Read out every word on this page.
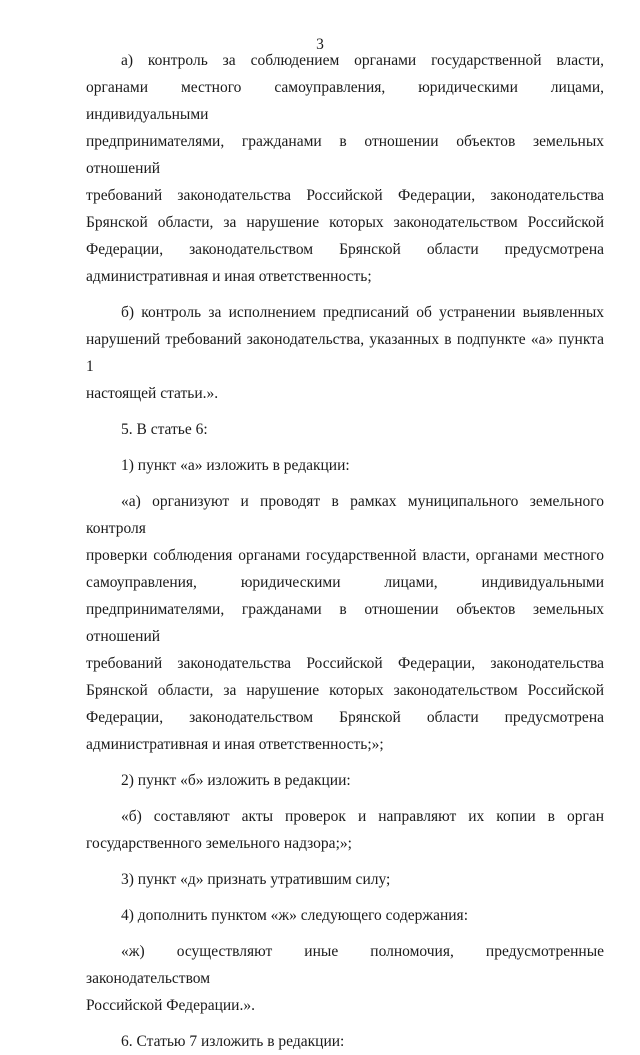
3
а) контроль за соблюдением органами государственной власти,
органами местного самоуправления, юридическими лицами, индивидуальными
предпринимателями, гражданами в отношении объектов земельных отношений
требований законодательства Российской Федерации, законодательства
Брянской области, за нарушение которых законодательством Российской
Федерации, законодательством Брянской области предусмотрена
административная и иная ответственность;
б) контроль за исполнением предписаний об устранении выявленных
нарушений требований законодательства, указанных в подпункте «а» пункта 1
настоящей статьи.».
5. В статье 6:
1) пункт «а» изложить в редакции:
«а) организуют и проводят в рамках муниципального земельного контроля
проверки соблюдения органами государственной власти, органами местного
самоуправления, юридическими лицами, индивидуальными
предпринимателями, гражданами в отношении объектов земельных отношений
требований законодательства Российской Федерации, законодательства
Брянской области, за нарушение которых законодательством Российской
Федерации, законодательством Брянской области предусмотрена
административная и иная ответственность;»;
2) пункт «б» изложить в редакции:
«б) составляют акты проверок и направляют их копии в орган
государственного земельного надзора;»;
3) пункт «д» признать утратившим силу;
4) дополнить пунктом «ж» следующего содержания:
«ж) осуществляют иные полномочия, предусмотренные законодательством
Российской Федерации.».
6. Статью 7 изложить в редакции:
